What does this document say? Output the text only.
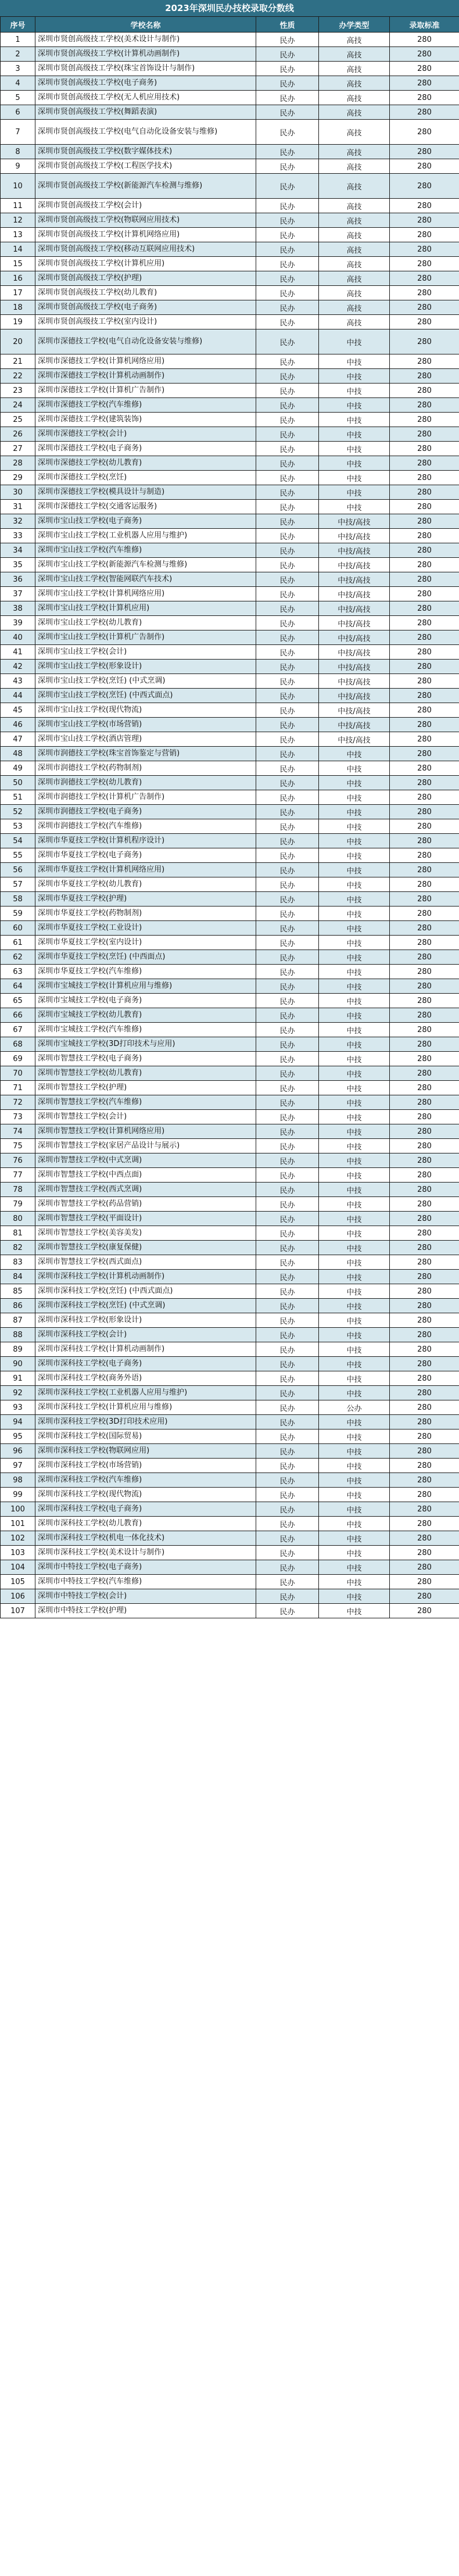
2023年深圳民办技校录取分数线
序号	学校名称	性质	办学类型	录取标准
1	深圳市贤创高级技工学校(美术设计与制作)	民办	高技	280
2	深圳市贤创高级技工学校(计算机动画制作)	民办	高技	280
3	深圳市贤创高级技工学校(珠宝首饰设计与制作)	民办	高技	280
4	深圳市贤创高级技工学校(电子商务)	民办	高技	280
5	深圳市贤创高级技工学校(无人机应用技术)	民办	高技	280
6	深圳市贤创高级技工学校(舞蹈表演)	民办	高技	280
7	深圳市贤创高级技工学校(电气自动化设备安装与维修)	民办	高技	280
8	深圳市贤创高级技工学校(数字媒体技术)	民办	高技	280
9	深圳市贤创高级技工学校(工程医学技术)	民办	高技	280
10	深圳市贤创高级技工学校(新能源汽车检测与维修)	民办	高技	280
11	深圳市贤创高级技工学校(会计)	民办	高技	280
12	深圳市贤创高级技工学校(物联网应用技术)	民办	高技	280
13	深圳市贤创高级技工学校(计算机网络应用)	民办	高技	280
14	深圳市贤创高级技工学校(移动互联网应用技术)	民办	高技	280
15	深圳市贤创高级技工学校(计算机应用)	民办	高技	280
16	深圳市贤创高级技工学校(护理)	民办	高技	280
17	深圳市贤创高级技工学校(幼儿教育)	民办	高技	280
18	深圳市贤创高级技工学校(电子商务)	民办	高技	280
19	深圳市贤创高级技工学校(室内设计)	民办	高技	280
20	深圳市深德技工学校(电气自动化设备安装与维修)	民办	中技	280
21	深圳市深德技工学校(计算机网络应用)	民办	中技	280
22	深圳市深德技工学校(计算机动画制作)	民办	中技	280
23	深圳市深德技工学校(计算机广告制作)	民办	中技	280
24	深圳市深德技工学校(汽车维修)	民办	中技	280
25	深圳市深德技工学校(建筑装饰)	民办	中技	280
26	深圳市深德技工学校(会计)	民办	中技	280
27	深圳市深德技工学校(电子商务)	民办	中技	280
28	深圳市深德技工学校(幼儿教育)	民办	中技	280
29	深圳市深德技工学校(烹饪)	民办	中技	280
30	深圳市深德技工学校(模具设计与制造)	民办	中技	280
31	深圳市深德技工学校(交通客运服务)	民办	中技	280
32	深圳市宝山技工学校(电子商务)	民办	中技/高技	280
33	深圳市宝山技工学校(工业机器人应用与维护)	民办	中技/高技	280
34	深圳市宝山技工学校(汽车维修)	民办	中技/高技	280
35	深圳市宝山技工学校(新能源汽车检测与维修)	民办	中技/高技	280
36	深圳市宝山技工学校(智能网联汽车技术)	民办	中技/高技	280
37	深圳市宝山技工学校(计算机网络应用)	民办	中技/高技	280
38	深圳市宝山技工学校(计算机应用)	民办	中技/高技	280
39	深圳市宝山技工学校(幼儿教育)	民办	中技/高技	280
40	深圳市宝山技工学校(计算机广告制作)	民办	中技/高技	280
41	深圳市宝山技工学校(会计)	民办	中技/高技	280
42	深圳市宝山技工学校(形象设计)	民办	中技/高技	280
43	深圳市宝山技工学校(烹饪) (中式烹调)	民办	中技/高技	280
44	深圳市宝山技工学校(烹饪) (中西式面点)	民办	中技/高技	280
45	深圳市宝山技工学校(现代物流)	民办	中技/高技	280
46	深圳市宝山技工学校(市场营销)	民办	中技/高技	280
47	深圳市宝山技工学校(酒店管理)	民办	中技/高技	280
48	深圳市润德技工学校(珠宝首饰鉴定与营销)	民办	中技	280
49	深圳市润德技工学校(药物制剂)	民办	中技	280
50	深圳市润德技工学校(幼儿教育)	民办	中技	280
51	深圳市润德技工学校(计算机广告制作)	民办	中技	280
52	深圳市润德技工学校(电子商务)	民办	中技	280
53	深圳市润德技工学校(汽车维修)	民办	中技	280
54	深圳市华夏技工学校(计算机程序设计)	民办	中技	280
55	深圳市华夏技工学校(电子商务)	民办	中技	280
56	深圳市华夏技工学校(计算机网络应用)	民办	中技	280
57	深圳市华夏技工学校(幼儿教育)	民办	中技	280
58	深圳市华夏技工学校(护理)	民办	中技	280
59	深圳市华夏技工学校(药物制剂)	民办	中技	280
60	深圳市华夏技工学校(工业设计)	民办	中技	280
61	深圳市华夏技工学校(室内设计)	民办	中技	280
62	深圳市华夏技工学校(烹饪) (中西面点)	民办	中技	280
63	深圳市华夏技工学校(汽车维修)	民办	中技	280
64	深圳市宝城技工学校(计算机应用与维修)	民办	中技	280
65	深圳市宝城技工学校(电子商务)	民办	中技	280
66	深圳市宝城技工学校(幼儿教育)	民办	中技	280
67	深圳市宝城技工学校(汽车维修)	民办	中技	280
68	深圳市宝城技工学校(3D打印技术与应用)	民办	中技	280
69	深圳市智慧技工学校(电子商务)	民办	中技	280
70	深圳市智慧技工学校(幼儿教育)	民办	中技	280
71	深圳市智慧技工学校(护理)	民办	中技	280
72	深圳市智慧技工学校(汽车维修)	民办	中技	280
73	深圳市智慧技工学校(会计)	民办	中技	280
74	深圳市智慧技工学校(计算机网络应用)	民办	中技	280
75	深圳市智慧技工学校(家居产品设计与展示)	民办	中技	280
76	深圳市智慧技工学校(中式烹调)	民办	中技	280
77	深圳市智慧技工学校(中西点面)	民办	中技	280
78	深圳市智慧技工学校(西式烹调)	民办	中技	280
79	深圳市智慧技工学校(药品营销)	民办	中技	280
80	深圳市智慧技工学校(平面设计)	民办	中技	280
81	深圳市智慧技工学校(美容美发)	民办	中技	280
82	深圳市智慧技工学校(康复保健)	民办	中技	280
83	深圳市智慧技工学校(西式面点)	民办	中技	280
84	深圳市深科技工学校(计算机动画制作)	民办	中技	280
85	深圳市深科技工学校(烹饪) (中西式面点)	民办	中技	280
86	深圳市深科技工学校(烹饪) (中式烹调)	民办	中技	280
87	深圳市深科技工学校(形象设计)	民办	中技	280
88	深圳市深科技工学校(会计)	民办	中技	280
89	深圳市深科技工学校(计算机动画制作)	民办	中技	280
90	深圳市深科技工学校(电子商务)	民办	中技	280
91	深圳市深科技工学校(商务外语)	民办	中技	280
92	深圳市深科技工学校(工业机器人应用与维护)	民办	中技	280
93	深圳市深科技工学校(计算机应用与维修)	民办	公办	280
94	深圳市深科技工学校(3D打印技术应用)	民办	中技	280
95	深圳市深科技工学校(国际贸易)	民办	中技	280
96	深圳市深科技工学校(物联网应用)	民办	中技	280
97	深圳市深科技工学校(市场营销)	民办	中技	280
98	深圳市深科技工学校(汽车维修)	民办	中技	280
99	深圳市深科技工学校(现代物流)	民办	中技	280
100	深圳市深科技工学校(电子商务)	民办	中技	280
101	深圳市深科技工学校(幼儿教育)	民办	中技	280
102	深圳市深科技工学校(机电一体化技术)	民办	中技	280
103	深圳市深科技工学校(美术设计与制作)	民办	中技	280
104	深圳市中特技工学校(电子商务)	民办	中技	280
105	深圳市中特技工学校(汽车维修)	民办	中技	280
106	深圳市中特技工学校(会计)	民办	中技	280
107	深圳市中特技工学校(护理)	民办	中技	280
